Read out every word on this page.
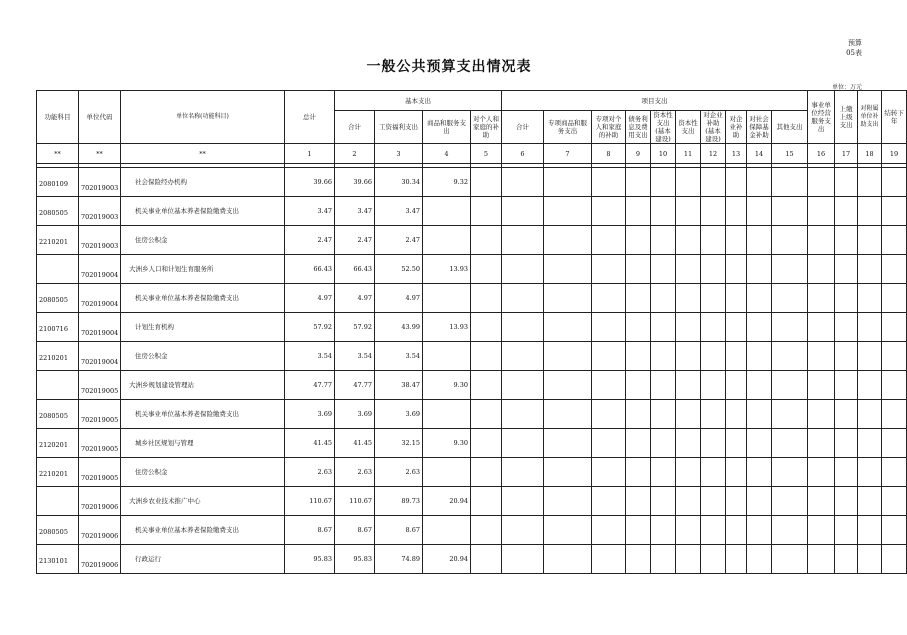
预算
05表
一般公共预算支出情况表
单位：万元
功能科目	单位代码	单位名称(功能科目)	总计	基本支出				项目支出										事业单位经营服务支出	上缴上级支出	对附属单位补助支出	结转下年
				合计	工资福利支出	商品和服务支出	对个人和家庭的补助	合计	专项商品和服务支出	专项对个人和家庭的补助	债务利息及费用支出	资本性支出(基本建设)	资本性支出	对企业补助(基本建设)	对企业补助	对社会保障基金补助	其他支出				

**	**	**	1	2	3	4	5	6	7	8	9	10	11	12	13	14	15	16	17	18	19

2080109	702019003	社会保险经办机构	39.66	39.66	30.34	9.32															
2080505	702019003	机关事业单位基本养老保险缴费支出	3.47	3.47	3.47																
2210201	702019003	住房公积金	2.47	2.47	2.47																
	702019004	大洲乡人口和计划生育服务所	66.43	66.43	52.50	13.93															
2080505	702019004	机关事业单位基本养老保险缴费支出	4.97	4.97	4.97																
2100716	702019004	计划生育机构	57.92	57.92	43.99	13.93															
2210201	702019004	住房公积金	3.54	3.54	3.54																
	702019005	大洲乡规划建设管理站	47.77	47.77	38.47	9.30															
2080505	702019005	机关事业单位基本养老保险缴费支出	3.69	3.69	3.69																
2120201	702019005	城乡社区规划与管理	41.45	41.45	32.15	9.30															
2210201	702019005	住房公积金	2.63	2.63	2.63																
	702019006	大洲乡农业技术推广中心	110.67	110.67	89.73	20.94															
2080505	702019006	机关事业单位基本养老保险缴费支出	8.67	8.67	8.67																
2130101	702019006	行政运行	95.83	95.83	74.89	20.94															
